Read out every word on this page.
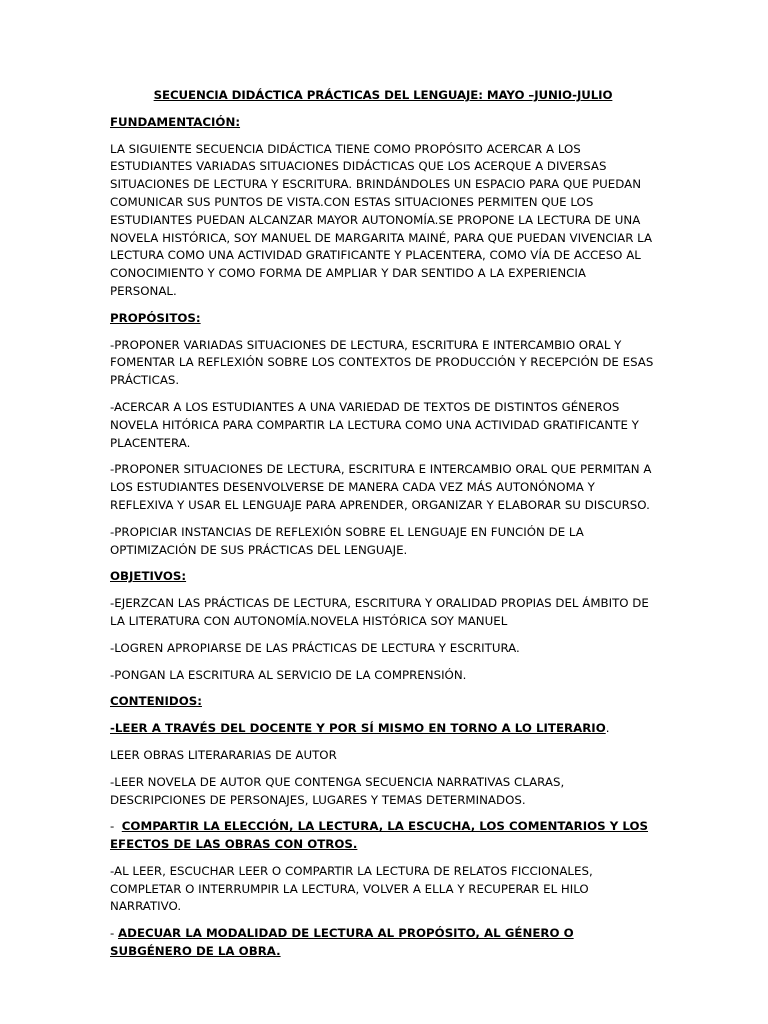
SECUENCIA DIDÁCTICA PRÁCTICAS DEL LENGUAJE: MAYO –JUNIO-JULIO

FUNDAMENTACIÓN:

LA SIGUIENTE SECUENCIA DIDÁCTICA TIENE COMO PROPÓSITO ACERCAR A LOS ESTUDIANTES VARIADAS SITUACIONES DIDÁCTICAS QUE LOS ACERQUE A DIVERSAS SITUACIONES DE LECTURA Y ESCRITURA. BRINDÁNDOLES UN ESPACIO PARA QUE PUEDAN COMUNICAR SUS PUNTOS DE VISTA.CON ESTAS SITUACIONES PERMITEN QUE LOS ESTUDIANTES PUEDAN ALCANZAR MAYOR AUTONOMÍA.SE PROPONE LA LECTURA DE UNA NOVELA HISTÓRICA, SOY MANUEL DE MARGARITA MAINÉ, PARA QUE PUEDAN VIVENCIAR LA LECTURA COMO UNA ACTIVIDAD GRATIFICANTE Y PLACENTERA, COMO VÍA DE ACCESO AL CONOCIMIENTO Y COMO FORMA DE AMPLIAR Y DAR SENTIDO A LA EXPERIENCIA PERSONAL.

PROPÓSITOS:

-PROPONER VARIADAS SITUACIONES DE LECTURA, ESCRITURA E INTERCAMBIO ORAL Y FOMENTAR LA REFLEXIÓN SOBRE LOS CONTEXTOS DE PRODUCCIÓN Y RECEPCIÓN DE ESAS PRÁCTICAS.

-ACERCAR A LOS ESTUDIANTES A UNA VARIEDAD DE TEXTOS DE DISTINTOS GÉNEROS NOVELA HITÓRICA PARA COMPARTIR LA LECTURA COMO UNA ACTIVIDAD GRATIFICANTE Y PLACENTERA.

-PROPONER SITUACIONES DE LECTURA, ESCRITURA E INTERCAMBIO ORAL QUE PERMITAN A LOS ESTUDIANTES DESENVOLVERSE DE MANERA CADA VEZ MÁS AUTONÓNOMA Y REFLEXIVA Y USAR EL LENGUAJE PARA APRENDER, ORGANIZAR Y ELABORAR SU DISCURSO.

-PROPICIAR INSTANCIAS DE REFLEXIÓN SOBRE EL LENGUAJE EN FUNCIÓN DE LA OPTIMIZACIÓN DE SUS PRÁCTICAS DEL LENGUAJE.

OBJETIVOS:

-EJERZCAN LAS PRÁCTICAS DE LECTURA, ESCRITURA Y ORALIDAD PROPIAS DEL ÁMBITO DE LA LITERATURA CON AUTONOMÍA.NOVELA HISTÓRICA SOY MANUEL

-LOGREN APROPIARSE DE LAS PRÁCTICAS DE LECTURA Y ESCRITURA.

-PONGAN LA ESCRITURA AL SERVICIO DE LA COMPRENSIÓN.

CONTENIDOS:

-LEER A TRAVÉS DEL DOCENTE Y POR SÍ MISMO EN TORNO A LO LITERARIO.

LEER OBRAS LITERARARIAS DE AUTOR

-LEER NOVELA DE AUTOR QUE CONTENGA SECUENCIA NARRATIVAS CLARAS, DESCRIPCIONES DE PERSONAJES, LUGARES Y TEMAS DETERMINADOS.

-  COMPARTIR LA ELECCIÓN, LA LECTURA, LA ESCUCHA, LOS COMENTARIOS Y LOS EFECTOS DE LAS OBRAS CON OTROS.

-AL LEER, ESCUCHAR LEER O COMPARTIR LA LECTURA DE RELATOS FICCIONALES, COMPLETAR O INTERRUMPIR LA LECTURA, VOLVER A ELLA Y RECUPERAR EL HILO NARRATIVO.

- ADECUAR LA MODALIDAD DE LECTURA AL PROPÓSITO, AL GÉNERO O SUBGÉNERO DE LA OBRA.
